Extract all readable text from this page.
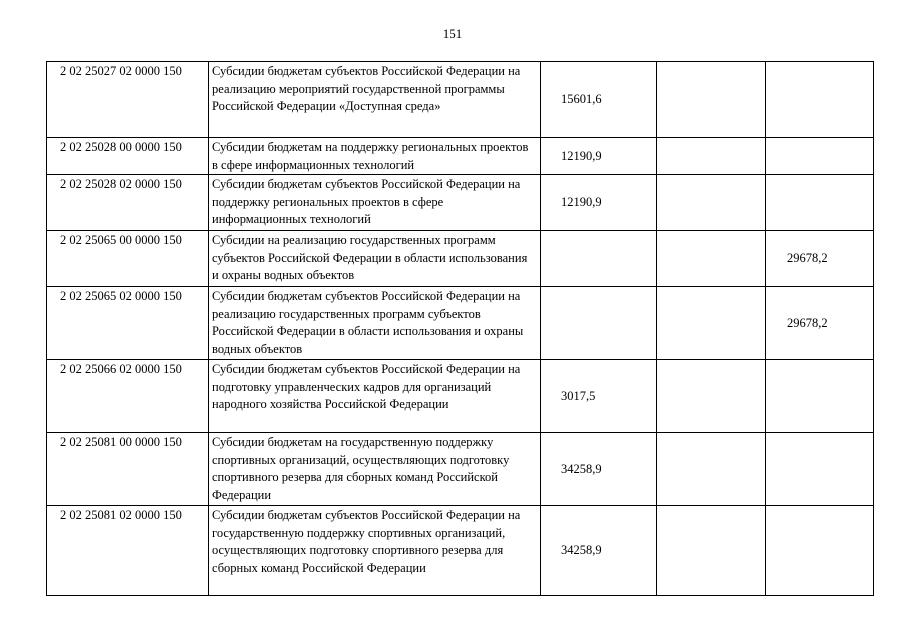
151
2 02 25027 02 0000 150	Субсидии бюджетам субъектов Российской Федерации на реализацию мероприятий государственной программы Российской Федерации «Доступная среда»	15601,6		
2 02 25028 00 0000 150	Субсидии бюджетам на поддержку региональных проектов в сфере информационных технологий	12190,9		
2 02 25028 02 0000 150	Субсидии бюджетам субъектов Российской Федерации на поддержку региональных проектов в сфере информационных технологий	12190,9		
2 02 25065 00 0000 150	Субсидии на реализацию государственных программ субъектов Российской Федерации в области использования и охраны водных объектов			29678,2
2 02 25065 02 0000 150	Субсидии бюджетам субъектов Российской Федерации на реализацию государственных программ субъектов Российской Федерации в области использования и охраны водных объектов			29678,2
2 02 25066 02 0000 150	Субсидии бюджетам субъектов Российской Федерации на подготовку управленческих кадров для организаций народного хозяйства Российской Федерации	3017,5		
2 02 25081 00 0000 150	Субсидии бюджетам на государственную поддержку спортивных организаций, осуществляющих подготовку спортивного резерва для сборных команд Российской Федерации	34258,9		
2 02 25081 02 0000 150	Субсидии бюджетам субъектов Российской Федерации на государственную поддержку спортивных организаций, осуществляющих подготовку спортивного резерва для сборных команд Российской Федерации	34258,9		
